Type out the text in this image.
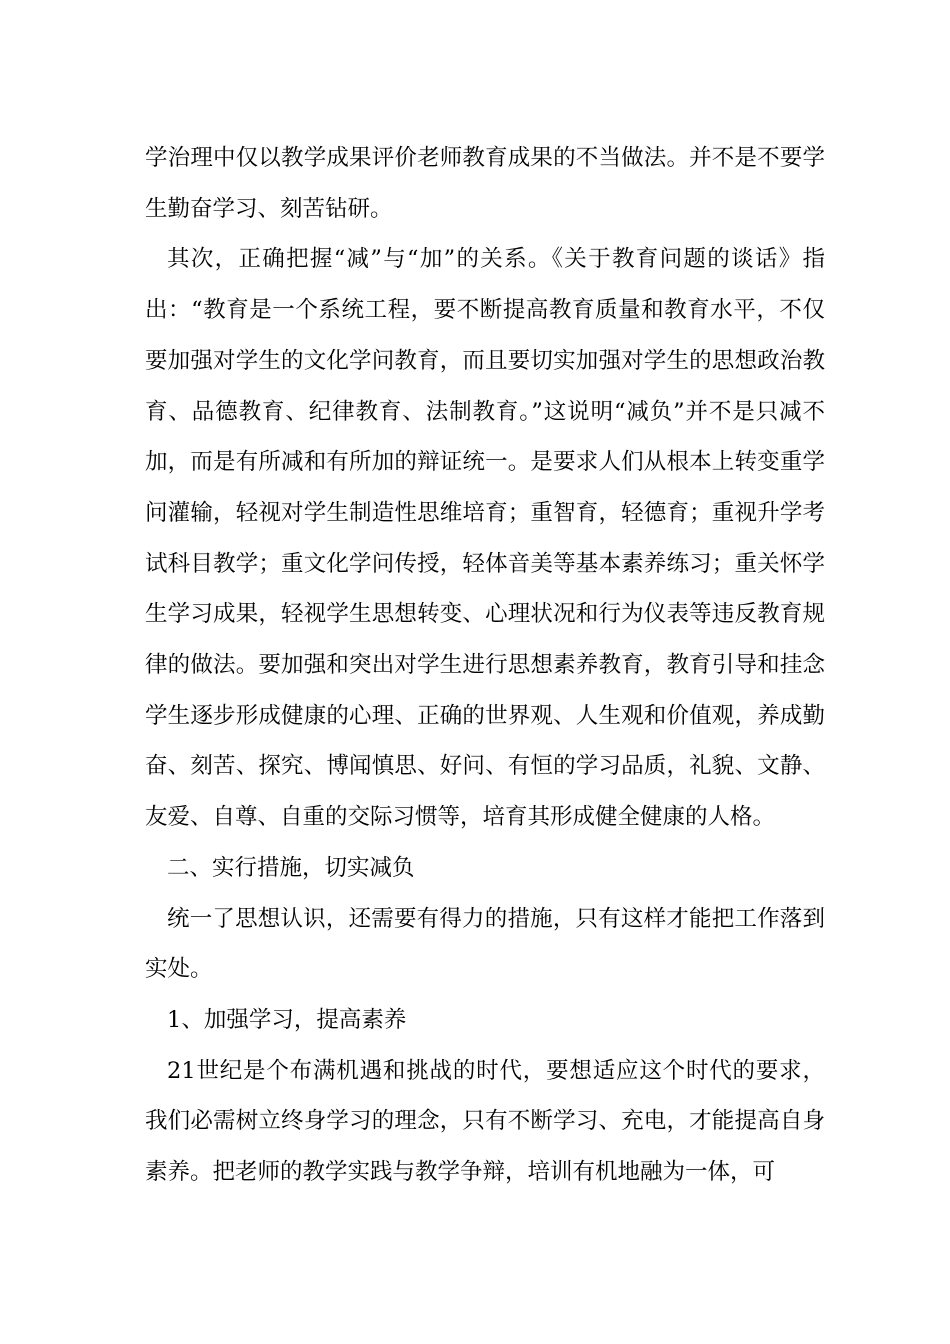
学治理中仅以教学成果评价老师教育成果的不当做法。并不是不要学生勤奋学习、刻苦钻研。

其次，正确把握“减”与“加”的关系。《关于教育问题的谈话》指出：“教育是一个系统工程，要不断提高教育质量和教育水平，不仅要加强对学生的文化学问教育，而且要切实加强对学生的思想政治教育、品德教育、纪律教育、法制教育。”这说明“减负”并不是只减不加，而是有所减和有所加的辩证统一。是要求人们从根本上转变重学问灌输，轻视对学生制造性思维培育；重智育，轻德育；重视升学考试科目教学；重文化学问传授，轻体音美等基本素养练习；重关怀学生学习成果，轻视学生思想转变、心理状况和行为仪表等违反教育规律的做法。要加强和突出对学生进行思想素养教育，教育引导和挂念学生逐步形成健康的心理、正确的世界观、人生观和价值观，养成勤奋、刻苦、探究、博闻慎思、好问、有恒的学习品质，礼貌、文静、友爱、自尊、自重的交际习惯等，培育其形成健全健康的人格。

二、实行措施，切实减负

统一了思想认识，还需要有得力的措施，只有这样才能把工作落到实处。

1、加强学习，提高素养

21世纪是个布满机遇和挑战的时代，要想适应这个时代的要求，我们必需树立终身学习的理念，只有不断学习、充电，才能提高自身素养。把老师的教学实践与教学争辩，培训有机地融为一体，可
